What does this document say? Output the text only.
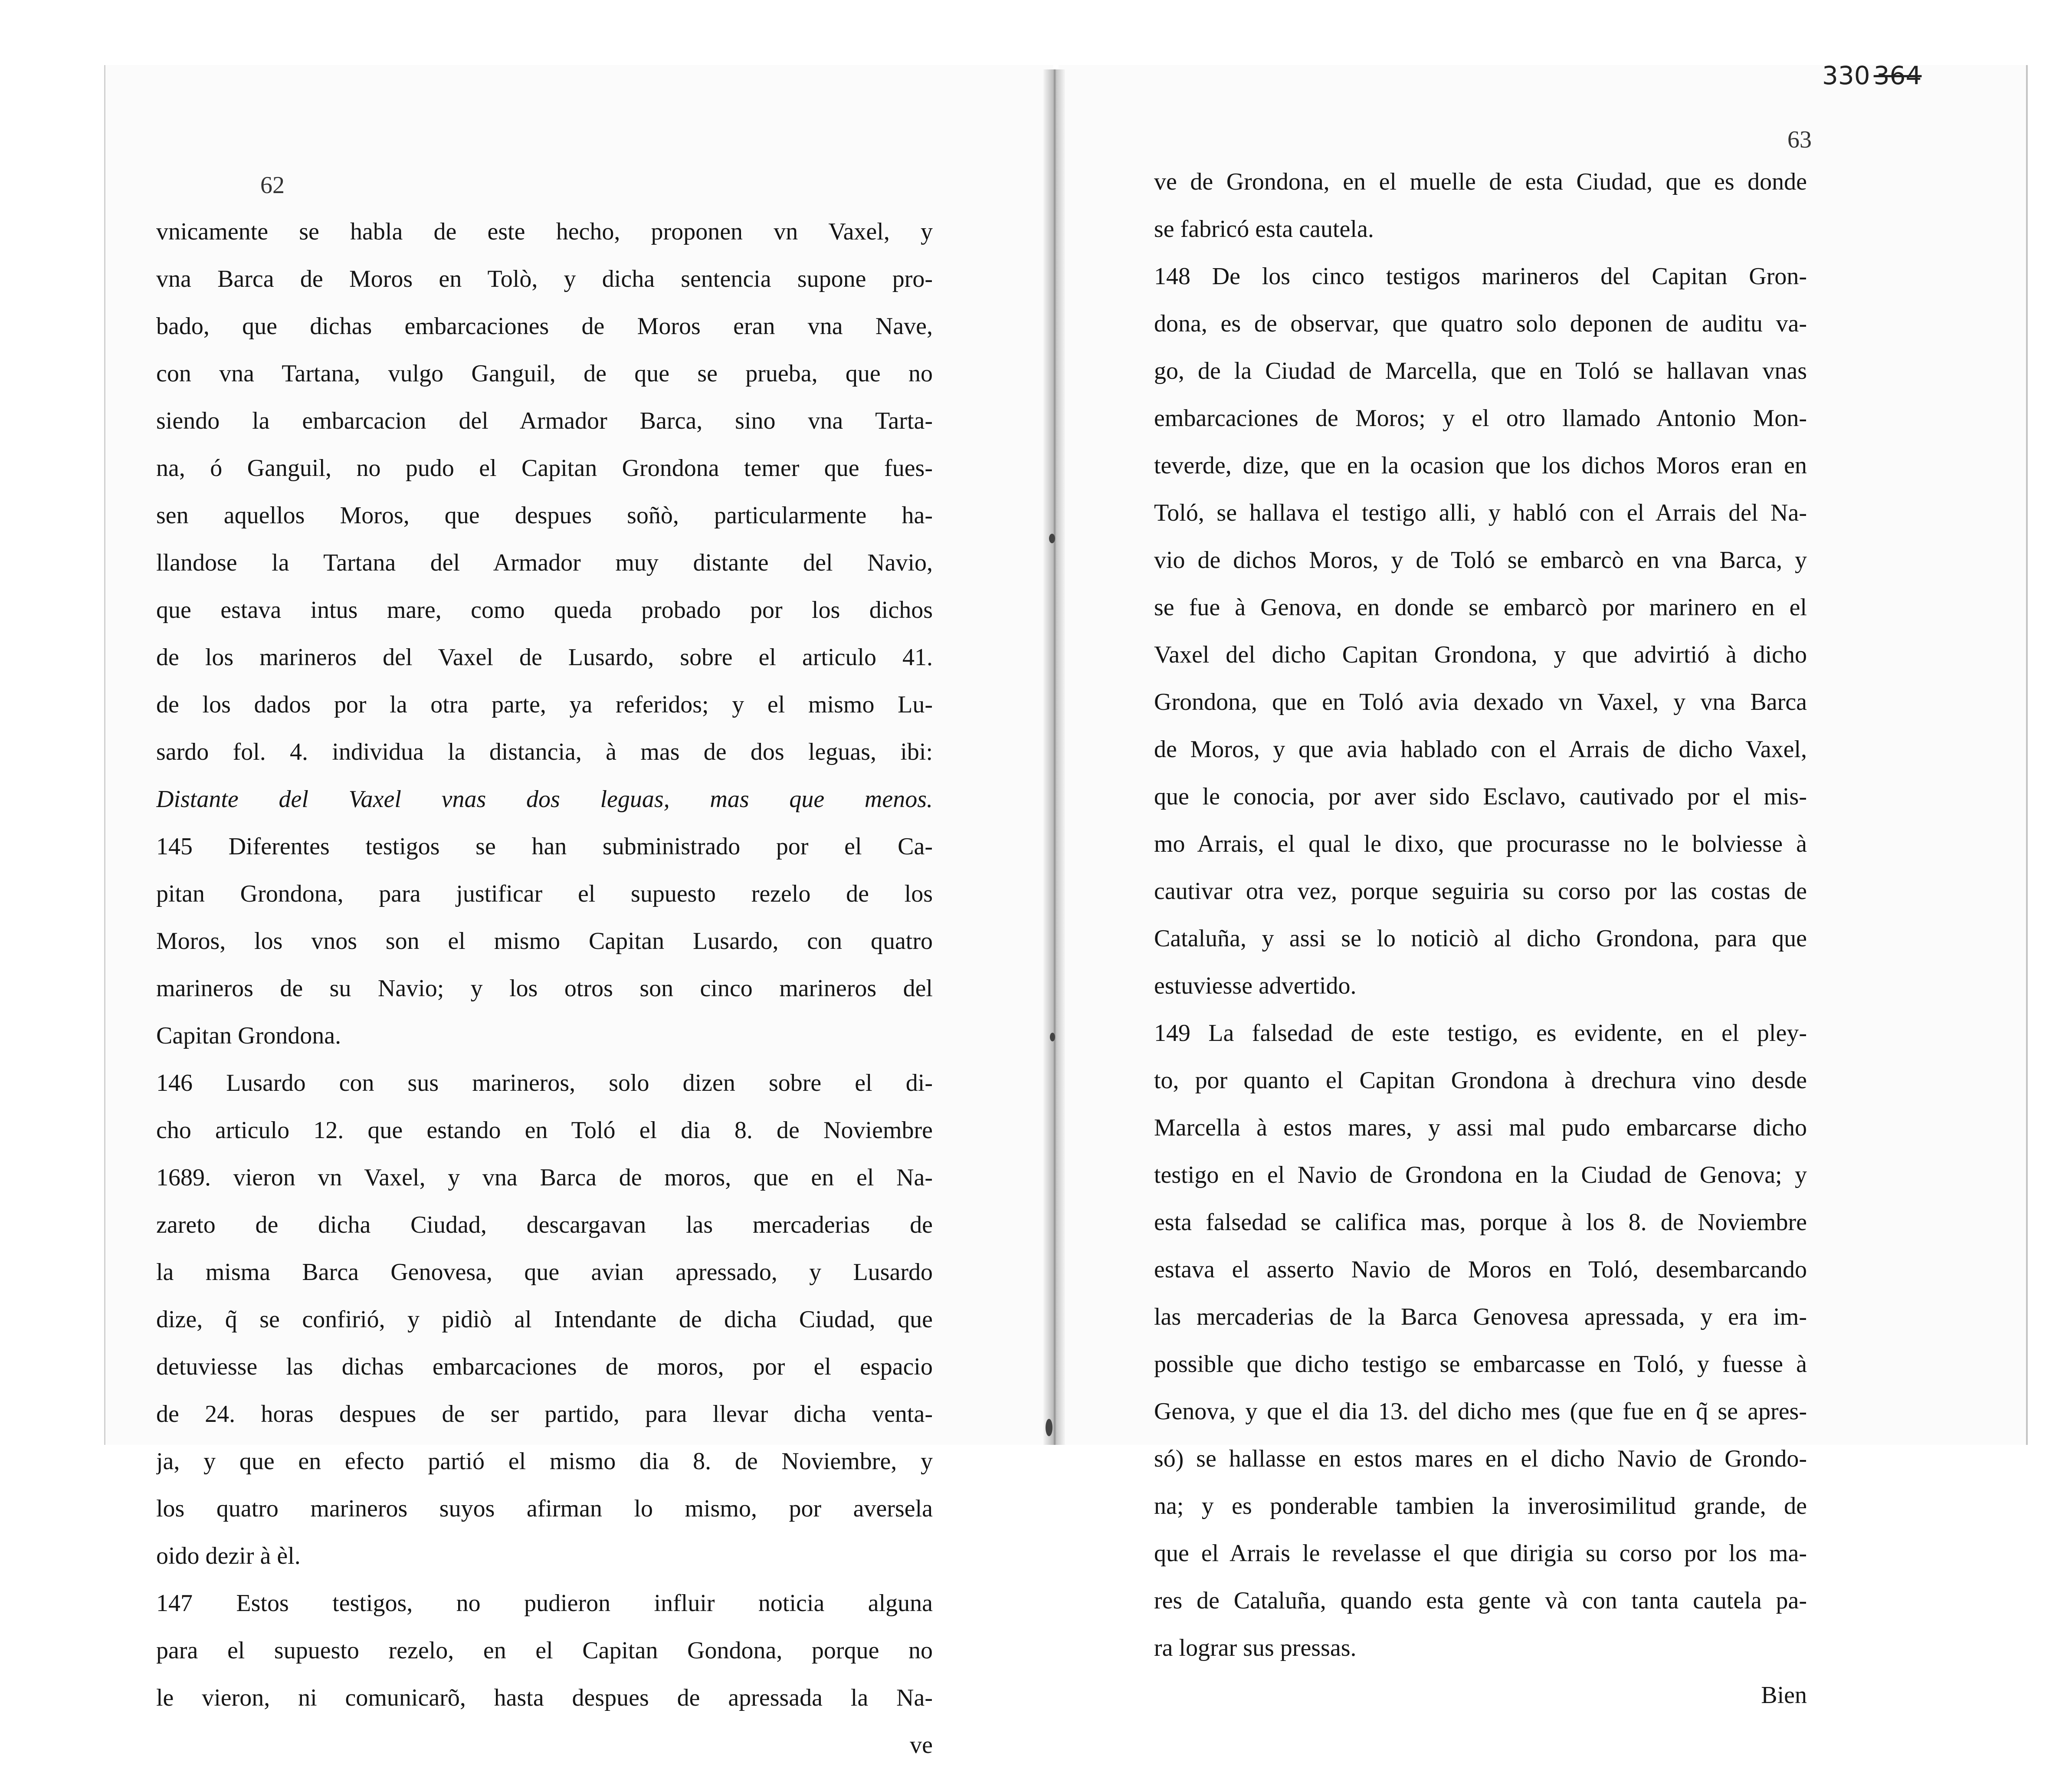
62
63
330 364
vnicamente se habla de este hecho, proponen vn Vaxel, y
vna Barca de Moros en Tolò, y dicha sentencia supone pro-
bado, que dichas embarcaciones de Moros eran vna Nave,
con vna Tartana, vulgo Ganguil, de que se prueba, que no
siendo la embarcacion del Armador Barca, sino vna Tarta-
na, ó Ganguil, no pudo el Capitan Grondona temer que fues-
sen aquellos Moros, que despues soñò, particularmente ha-
llandose la Tartana del Armador muy distante del Navio,
que estava intus mare, como queda probado por los dichos
de los marineros del Vaxel de Lusardo, sobre el articulo 41.
de los dados por la otra parte, ya referidos; y el mismo Lu-
sardo fol. 4. individua la distancia, à mas de dos leguas, ibi:
Distante del Vaxel vnas dos leguas, mas que menos.
145 Diferentes testigos se han subministrado por el Ca-
pitan Grondona, para justificar el supuesto rezelo de los
Moros, los vnos son el mismo Capitan Lusardo, con quatro
marineros de su Navio; y los otros son cinco marineros del
Capitan Grondona.
146 Lusardo con sus marineros, solo dizen sobre el di-
cho articulo 12. que estando en Toló el dia 8. de Noviembre
1689. vieron vn Vaxel, y vna Barca de moros, que en el Na-
zareto de dicha Ciudad, descargavan las mercaderias de
la misma Barca Genovesa, que avian apressado, y Lusardo
dize, q̃ se confirió, y pidiò al Intendante de dicha Ciudad, que
detuviesse las dichas embarcaciones de moros, por el espacio
de 24. horas despues de ser partido, para llevar dicha venta-
ja, y que en efecto partió el mismo dia 8. de Noviembre, y
los quatro marineros suyos afirman lo mismo, por aversela
oido dezir à èl.
147 Estos testigos, no pudieron influir noticia alguna
para el supuesto rezelo, en el Capitan Gondona, porque no
le vieron, ni comunicarõ, hasta despues de apressada la Na-
ve
ve de Grondona, en el muelle de esta Ciudad, que es donde
se fabricó esta cautela.
148 De los cinco testigos marineros del Capitan Gron-
dona, es de observar, que quatro solo deponen de auditu va-
go, de la Ciudad de Marcella, que en Toló se hallavan vnas
embarcaciones de Moros; y el otro llamado Antonio Mon-
teverde, dize, que en la ocasion que los dichos Moros eran en
Toló, se hallava el testigo alli, y habló con el Arrais del Na-
vio de dichos Moros, y de Toló se embarcò en vna Barca, y
se fue à Genova, en donde se embarcò por marinero en el
Vaxel del dicho Capitan Grondona, y que advirtió à dicho
Grondona, que en Toló avia dexado vn Vaxel, y vna Barca
de Moros, y que avia hablado con el Arrais de dicho Vaxel,
que le conocia, por aver sido Esclavo, cautivado por el mis-
mo Arrais, el qual le dixo, que procurasse no le bolviesse à
cautivar otra vez, porque seguiria su corso por las costas de
Cataluña, y assi se lo noticiò al dicho Grondona, para que
estuviesse advertido.
149 La falsedad de este testigo, es evidente, en el pley-
to, por quanto el Capitan Grondona à drechura vino desde
Marcella à estos mares, y assi mal pudo embarcarse dicho
testigo en el Navio de Grondona en la Ciudad de Genova; y
esta falsedad se califica mas, porque à los 8. de Noviembre
estava el asserto Navio de Moros en Toló, desembarcando
las mercaderias de la Barca Genovesa apressada, y era im-
possible que dicho testigo se embarcasse en Toló, y fuesse à
Genova, y que el dia 13. del dicho mes (que fue en q̃ se apres-
só) se hallasse en estos mares en el dicho Navio de Grondo-
na; y es ponderable tambien la inverosimilitud grande, de
que el Arrais le revelasse el que dirigia su corso por los ma-
res de Cataluña, quando esta gente và con tanta cautela pa-
ra lograr sus pressas.
Bien
